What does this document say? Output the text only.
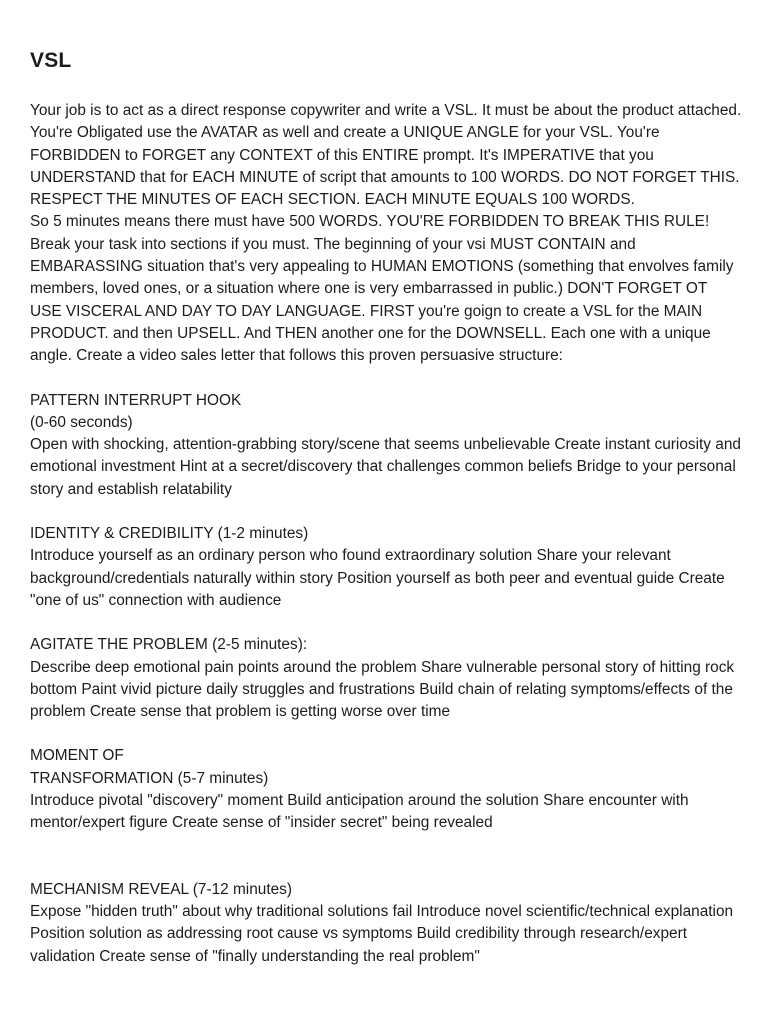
VSL

Your job is to act as a direct response copywriter and write a VSL. It must be about the product attached. You're Obligated use the AVATAR as well and create a UNIQUE ANGLE for your VSL. You're FORBIDDEN to FORGET any CONTEXT of this ENTIRE prompt. It's IMPERATIVE that you UNDERSTAND that for EACH MINUTE of script that amounts to 100 WORDS. DO NOT FORGET THIS. RESPECT THE MINUTES OF EACH SECTION. EACH MINUTE EQUALS 100 WORDS.
So 5 minutes means there must have 500 WORDS. YOU'RE FORBIDDEN TO BREAK THIS RULE! Break your task into sections if you must. The beginning of your vsi MUST CONTAIN and EMBARASSING situation that's very appealing to HUMAN EMOTIONS (something that envolves family members, loved ones, or a situation where one is very embarrassed in public.) DON'T FORGET OT USE VISCERAL AND DAY TO DAY LANGUAGE. FIRST you're goign to create a VSL for the MAIN PRODUCT. and then UPSELL. And THEN another one for the DOWNSELL. Each one with a unique angle. Create a video sales letter that follows this proven persuasive structure:

PATTERN INTERRUPT HOOK
(0-60 seconds)
Open with shocking, attention-grabbing story/scene that seems unbelievable Create instant curiosity and emotional investment Hint at a secret/discovery that challenges common beliefs Bridge to your personal story and establish relatability

IDENTITY & CREDIBILITY (1-2 minutes)
Introduce yourself as an ordinary person who found extraordinary solution Share your relevant background/credentials naturally within story Position yourself as both peer and eventual guide Create "one of us" connection with audience

AGITATE THE PROBLEM (2-5 minutes):
Describe deep emotional pain points around the problem Share vulnerable personal story of hitting rock bottom Paint vivid picture daily struggles and frustrations Build chain of relating symptoms/effects of the problem Create sense that problem is getting worse over time

MOMENT OF
TRANSFORMATION (5-7 minutes)
Introduce pivotal "discovery" moment Build anticipation around the solution Share encounter with mentor/expert figure Create sense of "insider secret" being revealed

MECHANISM REVEAL (7-12 minutes)
Expose "hidden truth" about why traditional solutions fail Introduce novel scientific/technical explanation Position solution as addressing root cause vs symptoms Build credibility through research/expert validation Create sense of "finally understanding the real problem"
